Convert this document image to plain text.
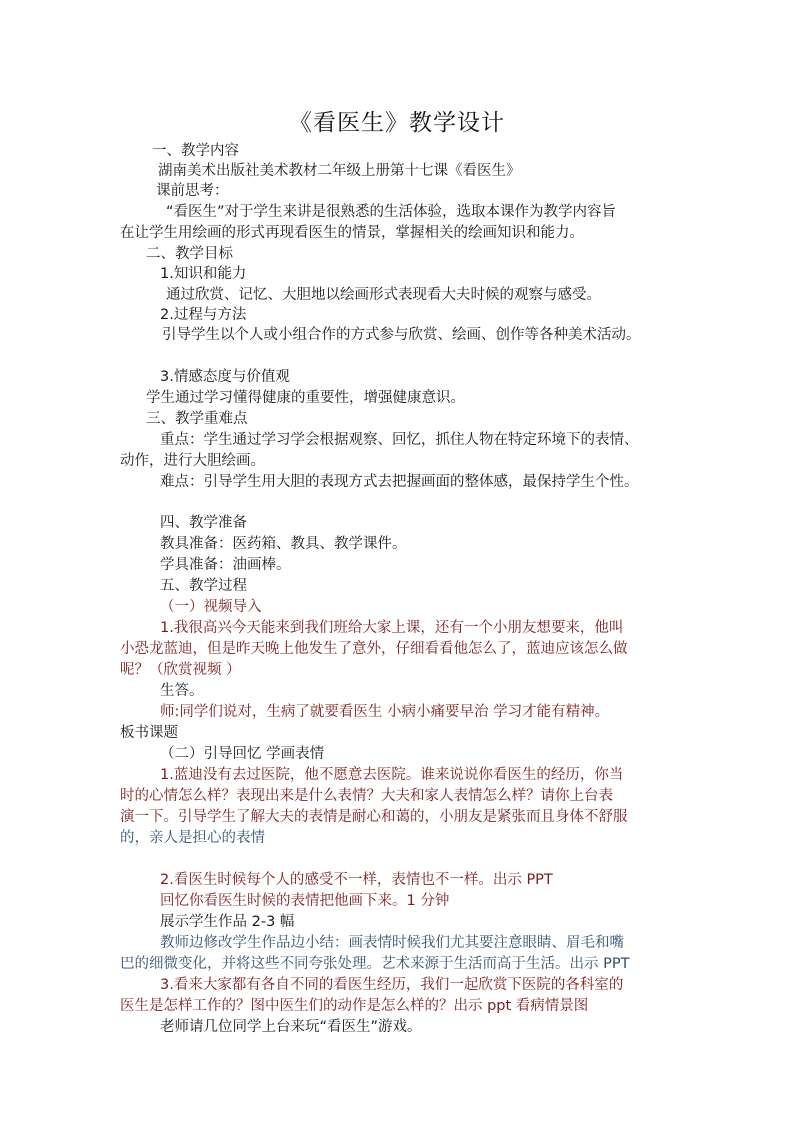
《看医生》教学设计
一、教学内容
湖南美术出版社美术教材二年级上册第十七课《看医生》
课前思考：
“看医生”对于学生来讲是很熟悉的生活体验，选取本课作为教学内容旨
在让学生用绘画的形式再现看医生的情景，掌握相关的绘画知识和能力。
二、教学目标
1.知识和能力
通过欣赏、记忆、大胆地以绘画形式表现看大夫时候的观察与感受。
2.过程与方法
引导学生以个人或小组合作的方式参与欣赏、绘画、创作等各种美术活动。
3.情感态度与价值观
学生通过学习懂得健康的重要性，增强健康意识。
三、教学重难点
重点：学生通过学习学会根据观察、回忆，抓住人物在特定环境下的表情、
动作，进行大胆绘画。
难点：引导学生用大胆的表现方式去把握画面的整体感，最保持学生个性。
四、教学准备
教具准备：医药箱、教具、教学课件。
学具准备：油画棒。
五、教学过程
（一）视频导入
1.我很高兴今天能来到我们班给大家上课，还有一个小朋友想要来，他叫
小恐龙蓝迪，但是昨天晚上他发生了意外，仔细看看他怎么了，蓝迪应该怎么做
呢？（欣赏视频 ）
生答。
师:同学们说对，生病了就要看医生 小病小痛要早治 学习才能有精神。
板书课题
（二）引导回忆 学画表情
1.蓝迪没有去过医院，他不愿意去医院。谁来说说你看医生的经历，你当
时的心情怎么样？表现出来是什么表情？大夫和家人表情怎么样？请你上台表
演一下。引导学生了解大夫的表情是耐心和蔼的，小朋友是紧张而且身体不舒服
的，亲人是担心的表情
2.看医生时候每个人的感受不一样，表情也不一样。出示 PPT
回忆你看医生时候的表情把他画下来。1 分钟
展示学生作品 2-3 幅
教师边修改学生作品边小结：画表情时候我们尤其要注意眼睛、眉毛和嘴
巴的细微变化，并将这些不同夸张处理。艺术来源于生活而高于生活。出示 PPT
3.看来大家都有各自不同的看医生经历，我们一起欣赏下医院的各科室的
医生是怎样工作的？图中医生们的动作是怎么样的？出示 ppt 看病情景图
老师请几位同学上台来玩“看医生”游戏。
